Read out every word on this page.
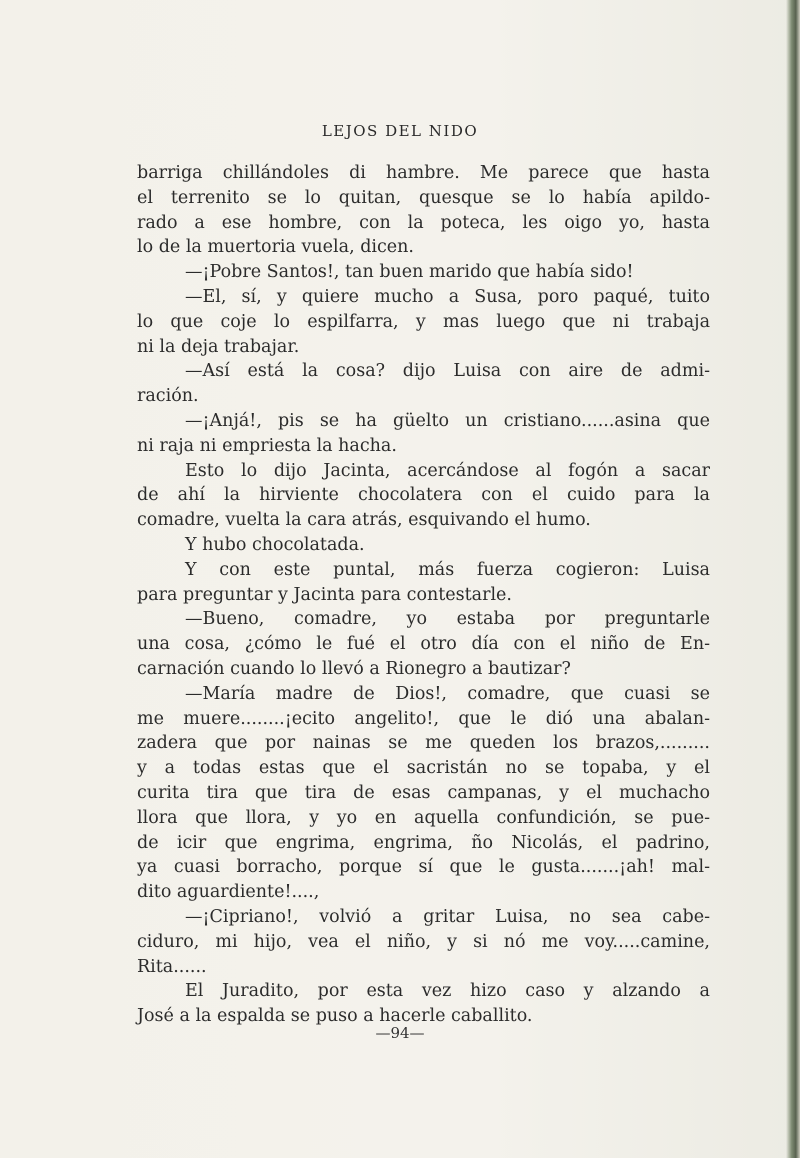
LEJOS DEL NIDO
barriga chillándoles di hambre. Me parece que hasta
el terrenito se lo quitan, quesque se lo había apildo-
rado a ese hombre, con la poteca, les oigo yo, hasta
lo de la muertoria vuela, dicen.
—¡Pobre Santos!, tan buen marido que había sido!
—El, sí, y quiere mucho a Susa, poro paqué, tuito
lo que coje lo espilfarra, y mas luego que ni trabaja
ni la deja trabajar.
—Así está la cosa? dijo Luisa con aire de admi-
ración.
—¡Anjá!, pis se ha güelto un cristiano......asina que
ni raja ni empriesta la hacha.
Esto lo dijo Jacinta, acercándose al fogón a sacar
de ahí la hirviente chocolatera con el cuido para la
comadre, vuelta la cara atrás, esquivando el humo.
Y hubo chocolatada.
Y con este puntal, más fuerza cogieron: Luisa
para preguntar y Jacinta para contestarle.
—Bueno, comadre, yo estaba por preguntarle
una cosa, ¿cómo le fué el otro día con el niño de En-
carnación cuando lo llevó a Rionegro a bautizar?
—María madre de Dios!, comadre, que cuasi se
me muere........¡ecito angelito!, que le dió una abalan-
zadera que por nainas se me queden los brazos,.........
y a todas estas que el sacristán no se topaba, y el
curita tira que tira de esas campanas, y el muchacho
llora que llora, y yo en aquella confundición, se pue-
de icir que engrima, engrima, ño Nicolás, el padrino,
ya cuasi borracho, porque sí que le gusta.......¡ah! mal-
dito aguardiente!....,
—¡Cipriano!, volvió a gritar Luisa, no sea cabe-
ciduro, mi hijo, vea el niño, y si nó me voy.....camine,
Rita......
El Juradito, por esta vez hizo caso y alzando a
José a la espalda se puso a hacerle caballito.
—94—
